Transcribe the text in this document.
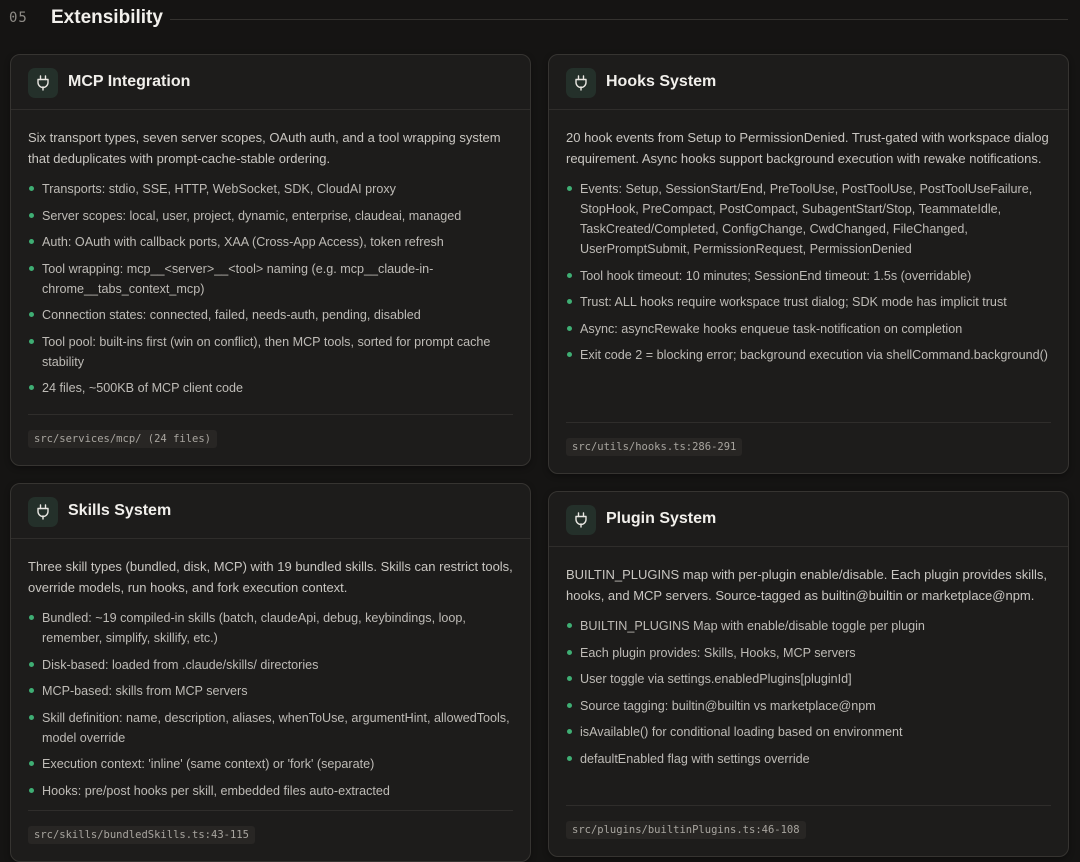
05 Extensibility
MCP Integration

Six transport types, seven server scopes, OAuth auth, and a tool wrapping system that deduplicates with prompt-cache-stable ordering.

Transports: stdio, SSE, HTTP, WebSocket, SDK, CloudAI proxy
Server scopes: local, user, project, dynamic, enterprise, claudeai, managed
Auth: OAuth with callback ports, XAA (Cross-App Access), token refresh
Tool wrapping: mcp__<server>__<tool> naming (e.g. mcp__claude-in-chrome__tabs_context_mcp)
Connection states: connected, failed, needs-auth, pending, disabled
Tool pool: built-ins first (win on conflict), then MCP tools, sorted for prompt cache stability
24 files, ~500KB of MCP client code
src/services/mcp/ (24 files)
Hooks System

20 hook events from Setup to PermissionDenied. Trust-gated with workspace dialog requirement. Async hooks support background execution with rewake notifications.

Events: Setup, SessionStart/End, PreToolUse, PostToolUse, PostToolUseFailure, StopHook, PreCompact, PostCompact, SubagentStart/Stop, TeammateIdle, TaskCreated/Completed, ConfigChange, CwdChanged, FileChanged, UserPromptSubmit, PermissionRequest, PermissionDenied
Tool hook timeout: 10 minutes; SessionEnd timeout: 1.5s (overridable)
Trust: ALL hooks require workspace trust dialog; SDK mode has implicit trust
Async: asyncRewake hooks enqueue task-notification on completion
Exit code 2 = blocking error; background execution via shellCommand.background()
src/utils/hooks.ts:286-291
Skills System

Three skill types (bundled, disk, MCP) with 19 bundled skills. Skills can restrict tools, override models, run hooks, and fork execution context.

Bundled: ~19 compiled-in skills (batch, claudeApi, debug, keybindings, loop, remember, simplify, skillify, etc.)
Disk-based: loaded from .claude/skills/ directories
MCP-based: skills from MCP servers
Skill definition: name, description, aliases, whenToUse, argumentHint, allowedTools, model override
Execution context: 'inline' (same context) or 'fork' (separate)
Hooks: pre/post hooks per skill, embedded files auto-extracted
src/skills/bundledSkills.ts:43-115
Plugin System

BUILTIN_PLUGINS map with per-plugin enable/disable. Each plugin provides skills, hooks, and MCP servers. Source-tagged as builtin@builtin or marketplace@npm.

BUILTIN_PLUGINS Map with enable/disable toggle per plugin
Each plugin provides: Skills, Hooks, MCP servers
User toggle via settings.enabledPlugins[pluginId]
Source tagging: builtin@builtin vs marketplace@npm
isAvailable() for conditional loading based on environment
defaultEnabled flag with settings override
src/plugins/builtinPlugins.ts:46-108
